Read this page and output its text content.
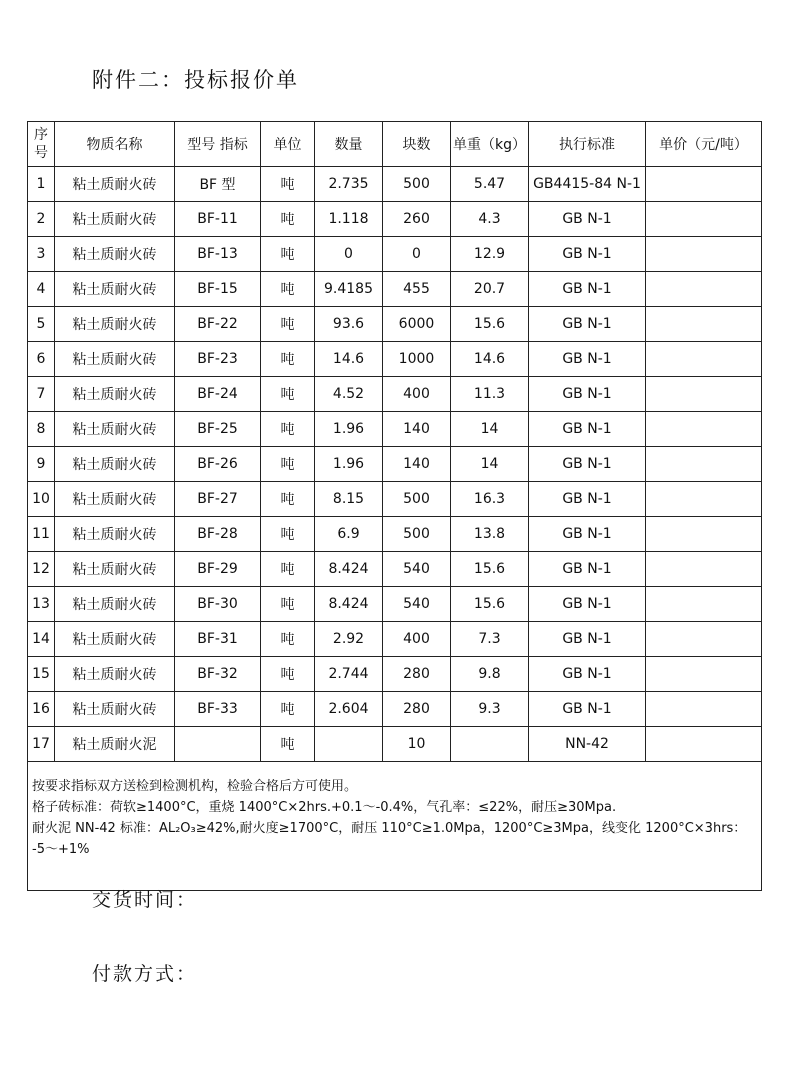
附件二：投标报价单
序号	物质名称	型号 指标	单位	数量	块数	单重（kg）	执行标准	单价（元/吨）
1	粘土质耐火砖	BF 型	吨	2.735	500	5.47	GB4415-84 N-1	
2	粘土质耐火砖	BF-11	吨	1.118	260	4.3	GB N-1	
3	粘土质耐火砖	BF-13	吨	0	0	12.9	GB N-1	
4	粘土质耐火砖	BF-15	吨	9.4185	455	20.7	GB N-1	
5	粘土质耐火砖	BF-22	吨	93.6	6000	15.6	GB N-1	
6	粘土质耐火砖	BF-23	吨	14.6	1000	14.6	GB N-1	
7	粘土质耐火砖	BF-24	吨	4.52	400	11.3	GB N-1	
8	粘土质耐火砖	BF-25	吨	1.96	140	14	GB N-1	
9	粘土质耐火砖	BF-26	吨	1.96	140	14	GB N-1	
10	粘土质耐火砖	BF-27	吨	8.15	500	16.3	GB N-1	
11	粘土质耐火砖	BF-28	吨	6.9	500	13.8	GB N-1	
12	粘土质耐火砖	BF-29	吨	8.424	540	15.6	GB N-1	
13	粘土质耐火砖	BF-30	吨	8.424	540	15.6	GB N-1	
14	粘土质耐火砖	BF-31	吨	2.92	400	7.3	GB N-1	
15	粘土质耐火砖	BF-32	吨	2.744	280	9.8	GB N-1	
16	粘土质耐火砖	BF-33	吨	2.604	280	9.3	GB N-1	
17	粘土质耐火泥		吨		10		NN-42	

按要求指标双方送检到检测机构，检验合格后方可使用。
格子砖标准：荷软≥1400°C，重烧 1400°C×2hrs.+0.1～-0.4%，气孔率：≤22%，耐压≥30Mpa.
耐火泥 NN-42 标准：AL₂O₃≥42%,耐火度≥1700°C，耐压 110°C≥1.0Mpa，1200°C≥3Mpa，线变化 1200°C×3hrs：
-5～+1%								
交货时间：
付款方式：
